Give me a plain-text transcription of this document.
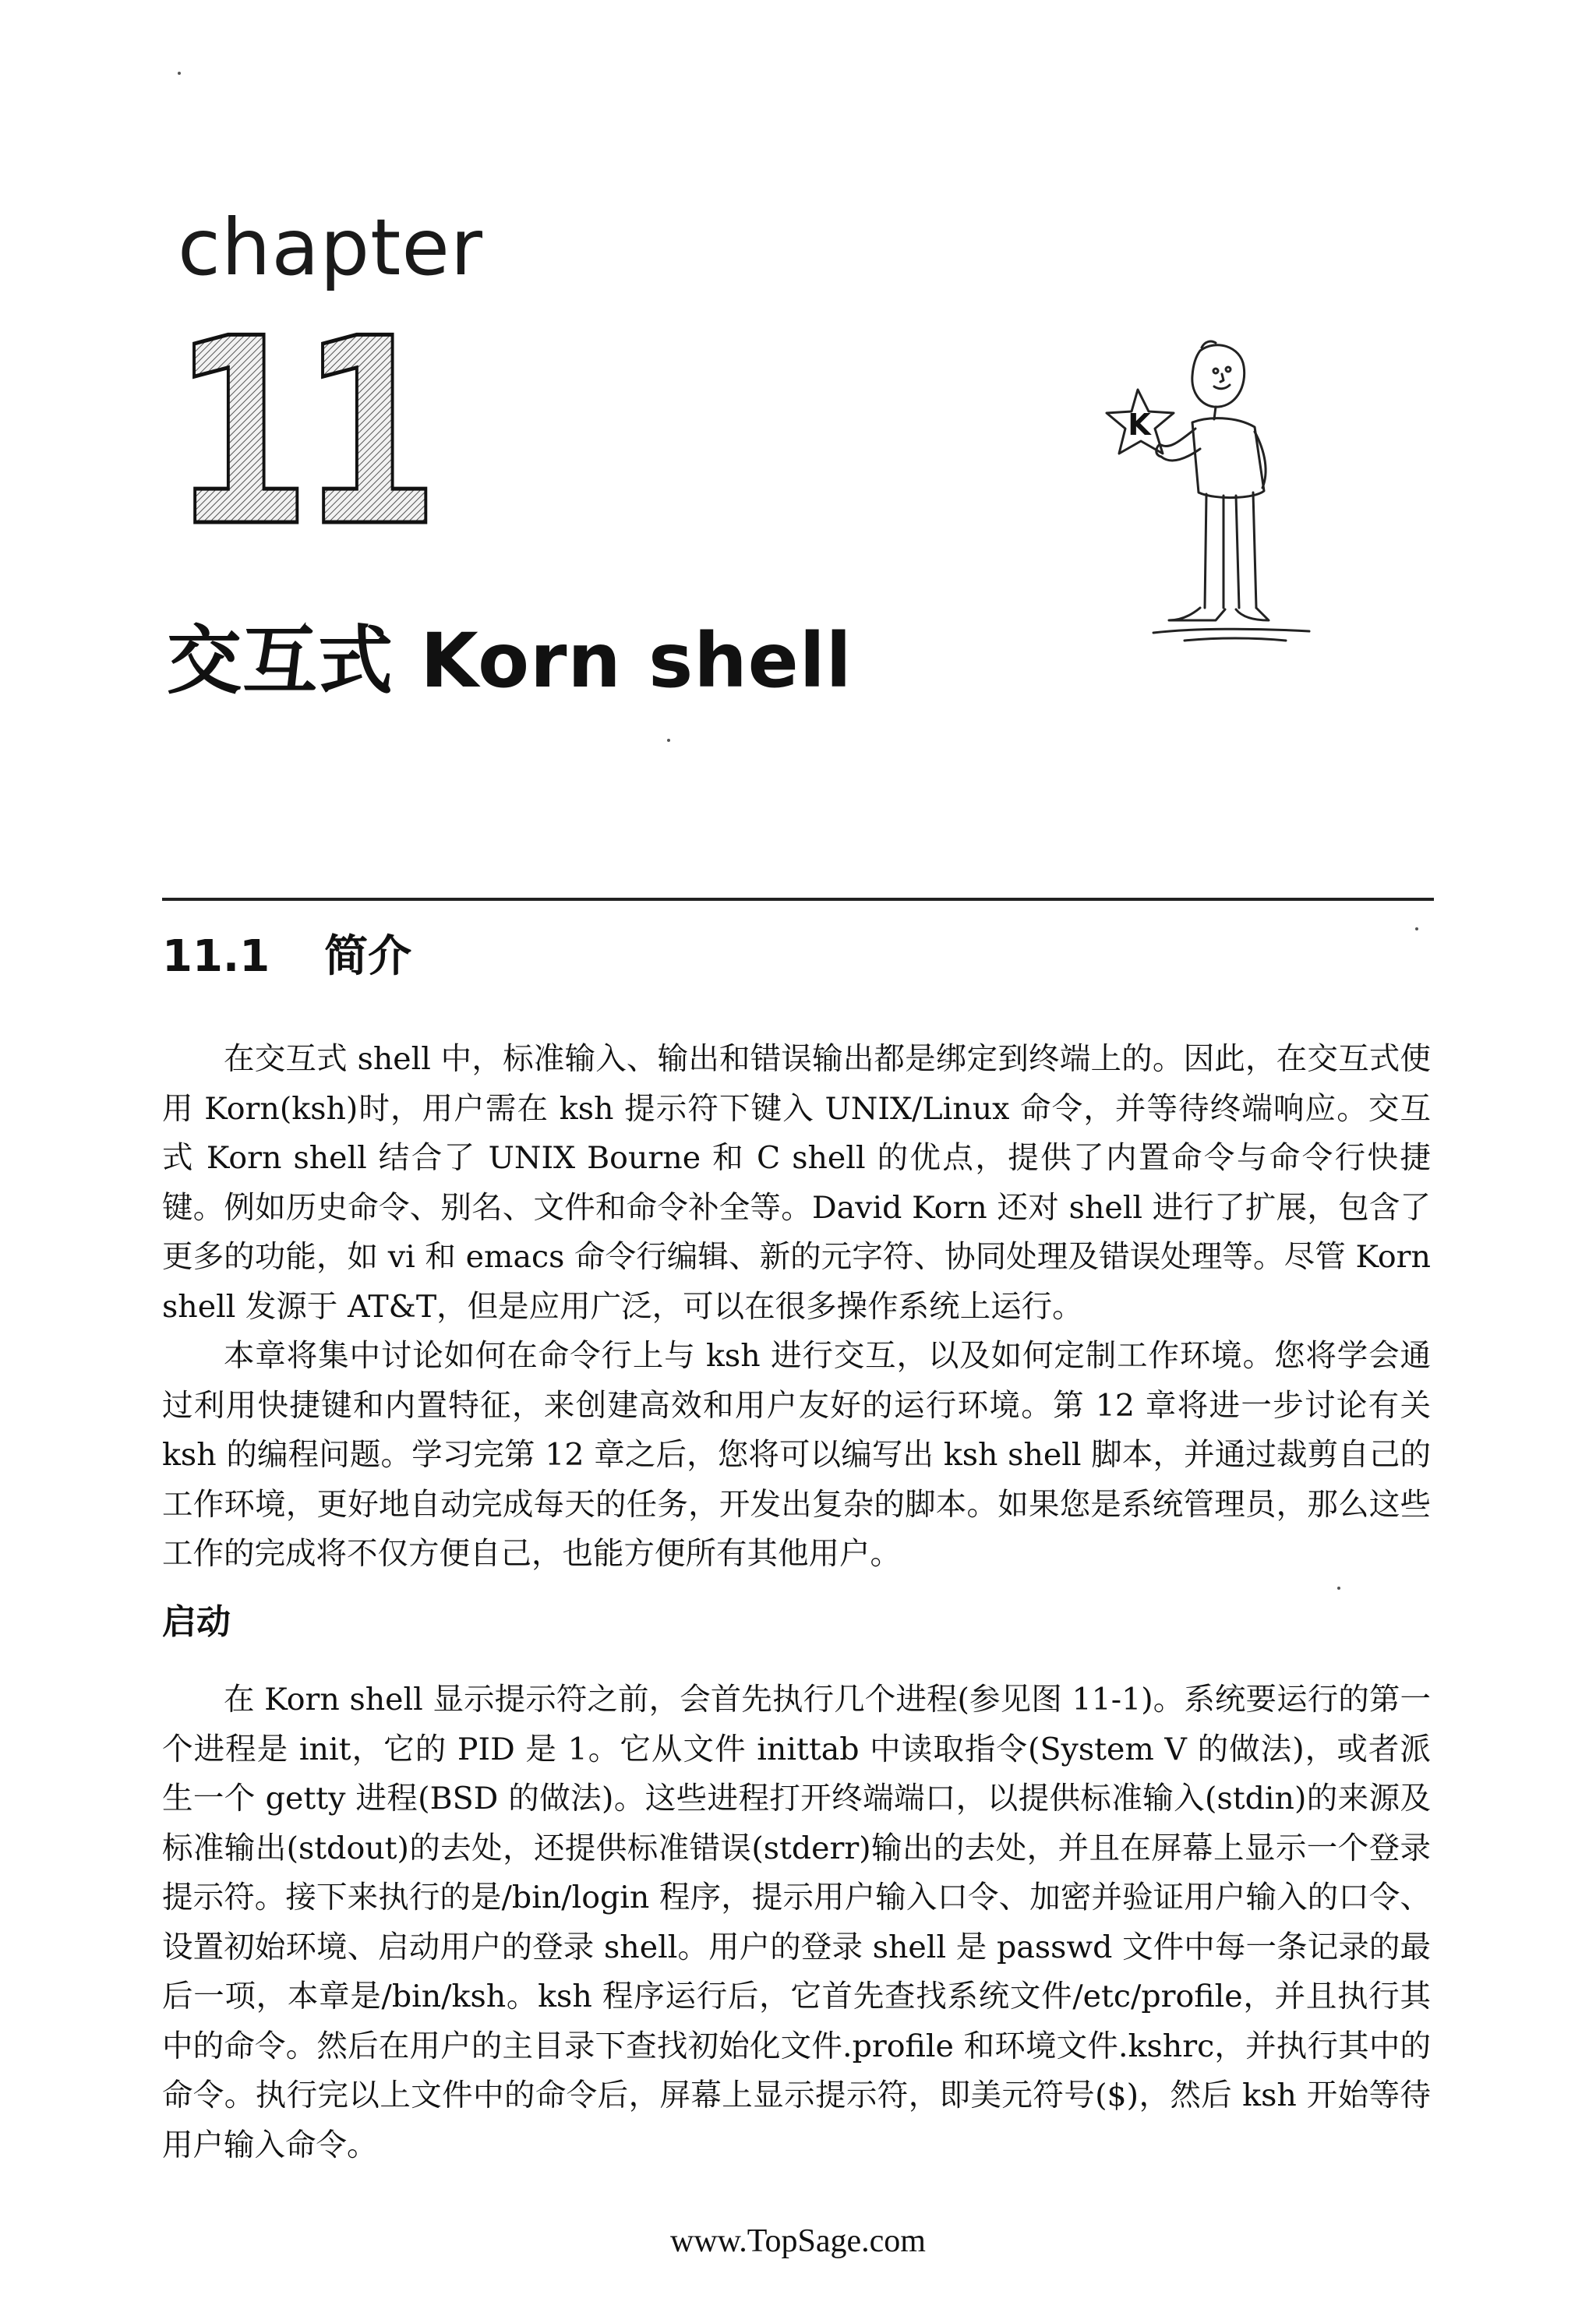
chapter
11
交互式 Korn shell
K
11.1 简介

在交互式 shell 中，标准输入、输出和错误输出都是绑定到终端上的。因此，在交互式使用 Korn(ksh)时，用户需在 ksh 提示符下键入 UNIX/Linux 命令，并等待终端响应。交互式 Korn shell 结合了 UNIX Bourne 和 C shell 的优点，提供了内置命令与命令行快捷键。例如历史命令、别名、文件和命令补全等。David Korn 还对 shell 进行了扩展，包含了更多的功能，如 vi 和 emacs 命令行编辑、新的元字符、协同处理及错误处理等。尽管 Korn shell 发源于 AT&T，但是应用广泛，可以在很多操作系统上运行。

本章将集中讨论如何在命令行上与 ksh 进行交互，以及如何定制工作环境。您将学会通过利用快捷键和内置特征，来创建高效和用户友好的运行环境。第 12 章将进一步讨论有关 ksh 的编程问题。学习完第 12 章之后，您将可以编写出 ksh shell 脚本，并通过裁剪自己的工作环境，更好地自动完成每天的任务，开发出复杂的脚本。如果您是系统管理员，那么这些工作的完成将不仅方便自己，也能方便所有其他用户。

启动

在 Korn shell 显示提示符之前，会首先执行几个进程(参见图 11-1)。系统要运行的第一个进程是 init，它的 PID 是 1。它从文件 inittab 中读取指令(System V 的做法)，或者派生一个 getty 进程(BSD 的做法)。这些进程打开终端端口，以提供标准输入(stdin)的来源及标准输出(stdout)的去处，还提供标准错误(stderr)输出的去处，并且在屏幕上显示一个登录提示符。接下来执行的是/bin/login 程序，提示用户输入口令、加密并验证用户输入的口令、设置初始环境、启动用户的登录 shell。用户的登录 shell 是 passwd 文件中每一条记录的最后一项，本章是/bin/ksh。ksh 程序运行后，它首先查找系统文件/etc/profile，并且执行其中的命令。然后在用户的主目录下查找初始化文件.profile 和环境文件.kshrc，并执行其中的命令。执行完以上文件中的命令后，屏幕上显示提示符，即美元符号($)，然后 ksh 开始等待用户输入命令。

www.TopSage.com
